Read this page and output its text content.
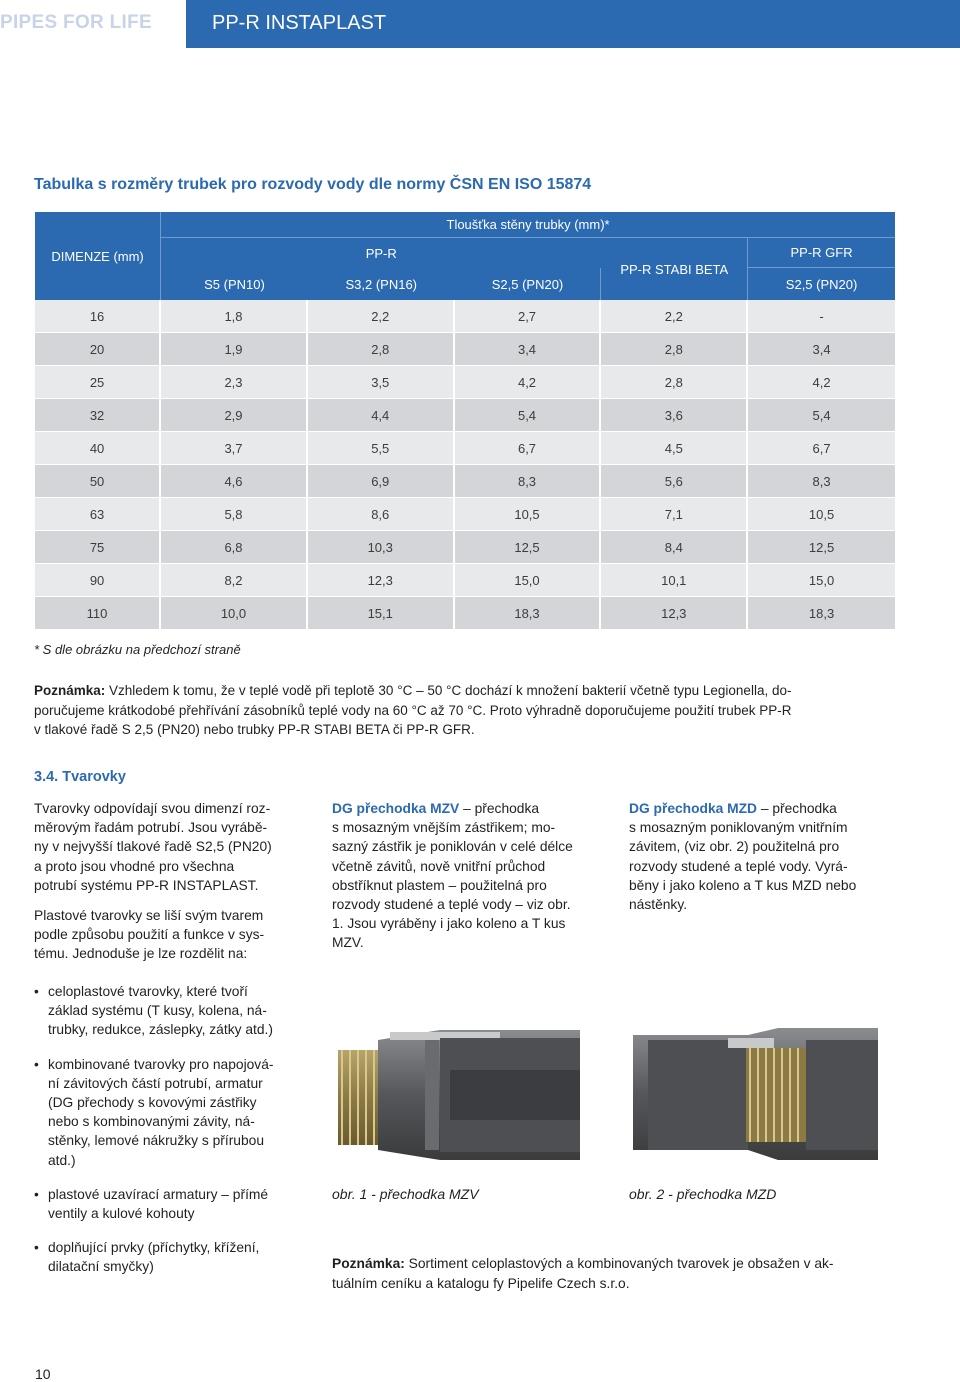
PIPES FOR LIFE	PP-R INSTAPLAST
Tabulka s rozměry trubek pro rozvody vody dle normy ČSN EN ISO 15874
DIMENZE (mm)	Tloušťka stěny trubky (mm)*				
	PP-R			PP-R STABI BETA	PP-R GFR
	S5 (PN10)	S3,2 (PN16)	S2,5 (PN20)		S2,5 (PN20)
16	1,8	2,2	2,7	2,2	-
20	1,9	2,8	3,4	2,8	3,4
25	2,3	3,5	4,2	2,8	4,2
32	2,9	4,4	5,4	3,6	5,4
40	3,7	5,5	6,7	4,5	6,7
50	4,6	6,9	8,3	5,6	8,3
63	5,8	8,6	10,5	7,1	10,5
75	6,8	10,3	12,5	8,4	12,5
90	8,2	12,3	15,0	10,1	15,0
110	10,0	15,1	18,3	12,3	18,3
* S dle obrázku na předchozí straně
Poznámka: Vzhledem k tomu, že v teplé vodě při teplotě 30 °C – 50 °C dochází k množení bakterií včetně typu Legionella, do-
poručujeme krátkodobé přehřívání zásobníků teplé vody na 60 °C až 70 °C. Proto výhradně doporučujeme použití trubek PP-R
v tlakové řadě S 2,5 (PN20) nebo trubky PP-R STABI BETA či PP-R GFR.
3.4. Tvarovky

Tvarovky odpovídají svou dimenzí roz-
měrovým řadám potrubí. Jsou vyrábě-
ny v nejvyšší tlakové řadě S2,5 (PN20)
a proto jsou vhodné pro všechna
potrubí systému PP-R INSTAPLAST.

Plastové tvarovky se liší svým tvarem
podle způsobu použití a funkce v sys-
tému. Jednoduše je lze rozdělit na:

DG přechodka MZV – přechodka
s mosazným vnějším zástřikem; mo-
sazný zástřik je poniklován v celé délce
včetně závitů, nově vnitřní průchod
obstříknut plastem – použitelná pro
rozvody studené a teplé vody – viz obr.
1. Jsou vyráběny i jako koleno a T kus
MZV.
DG přechodka MZD – přechodka
s mosazným poniklovaným vnitřním
závitem, (viz obr. 2) použitelná pro
rozvody studené a teplé vody. Vyrá-
běny i jako koleno a T kus MZD nebo
nástěnky.
• celoplastové tvarovky, které tvoří
základ systému (T kusy, kolena, ná-
trubky, redukce, záslepky, zátky atd.)
• kombinované tvarovky pro napojová-
ní závitových částí potrubí, armatur
(DG přechody s kovovými zástřiky
nebo s kombinovanými závity, ná-
stěnky, lemové nákružky s přírubou
atd.)
• plastové uzavírací armatury – přímé
ventily a kulové kohouty
• doplňující prvky (příchytky, křížení,
dilatační smyčky)
obr. 1 - přechodka MZV	obr. 2 - přechodka MZD
Poznámka: Sortiment celoplastových a kombinovaných tvarovek je obsažen v ak-
tuálním ceníku a katalogu fy Pipelife Czech s.r.o.
10
